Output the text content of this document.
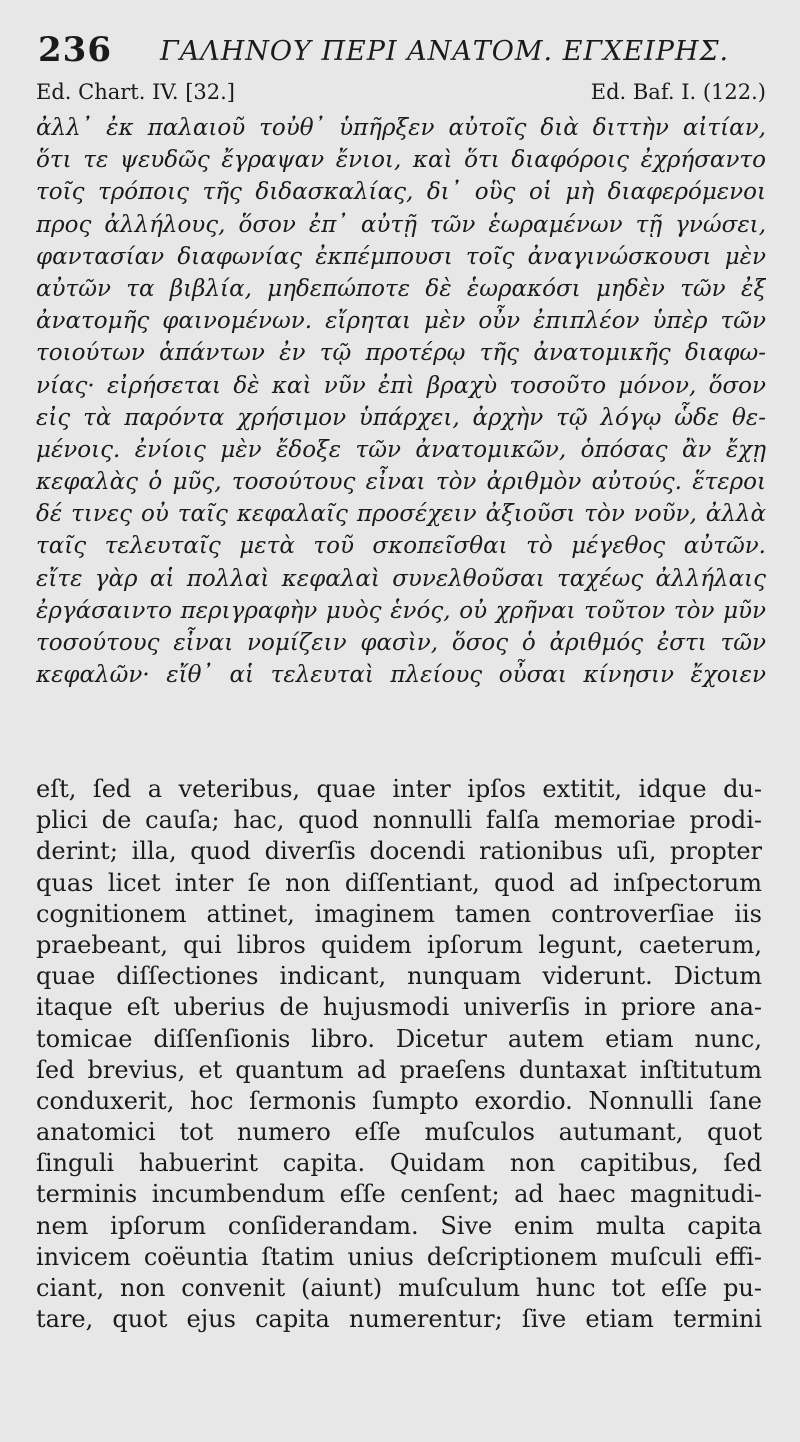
236 ΓΑΛΗΝΟΥ ΠΕΡΙ ΑΝΑΤΟΜ. ΕΓΧΕΙΡΗΣ.
Ed. Chart. IV. [32.]	Ed. Baf. I. (122.)
ἀλλ᾽ ἐκ παλαιοῦ τοὐθ᾽ ὑπῆρξεν αὐτοῖς διὰ διττὴν αἰτίαν,
ὅτι τε ψευδῶς ἔγραψαν ἔνιοι, καὶ ὅτι διαφόροις ἐχρήσαντο
τοῖς τρόποις τῆς διδασκαλίας, δι᾽ οὓς οἱ μὴ διαφερόμενοι
προς ἀλλήλους, ὅσον ἐπ᾽ αὐτῇ τῶν ἑωραμένων τῇ γνώσει,
φαντασίαν διαφωνίας ἐκπέμπουσι τοῖς ἀναγινώσκουσι μὲν
αὐτῶν τα βιβλία, μηδεπώποτε δὲ ἑωρακόσι μηδὲν τῶν ἐξ
ἀνατομῆς φαινομένων. εἴρηται μὲν οὖν ἐπιπλέον ὑπὲρ τῶν
τοιούτων ἁπάντων ἐν τῷ προτέρῳ τῆς ἀνατομικῆς διαφω-
νίας· εἰρήσεται δὲ καὶ νῦν ἐπὶ βραχὺ τοσοῦτο μόνον, ὅσον
εἰς τὰ παρόντα χρήσιμον ὑπάρχει, ἀρχὴν τῷ λόγῳ ὧδε θε-
μένοις. ἐνίοις μὲν ἔδοξε τῶν ἀνατομικῶν, ὁπόσας ἂν ἔχῃ
κεφαλὰς ὁ μῦς, τοσούτους εἶναι τὸν ἀριθμὸν αὐτούς. ἕτεροι
δέ τινες οὐ ταῖς κεφαλαῖς προσέχειν ἀξιοῦσι τὸν νοῦν, ἀλλὰ
ταῖς τελευταῖς μετὰ τοῦ σκοπεῖσθαι τὸ μέγεθος αὐτῶν.
εἴτε γὰρ αἱ πολλαὶ κεφαλαὶ συνελθοῦσαι ταχέως ἀλλήλαις
ἐργάσαιντο περιγραφὴν μυὸς ἑνός, οὐ χρῆναι τοῦτον τὸν μῦν
τοσούτους εἶναι νομίζειν φασὶν, ὅσος ὁ ἀριθμός ἐστι τῶν
κεφαλῶν· εἴθ᾽ αἱ τελευταὶ πλείους οὖσαι κίνησιν ἔχοιεν
eſt, ſed a veteribus, quae inter ipſos extitit, idque du-
plici de cauſa; hac, quod nonnulli falſa memoriae prodi-
derint; illa, quod diverſis docendi rationibus uſi, propter
quas licet inter ſe non diſſentiant, quod ad inſpectorum
cognitionem attinet, imaginem tamen controverſiae iis
praebeant, qui libros quidem ipſorum legunt, caeterum,
quae diſſectiones indicant, nunquam viderunt. Dictum
itaque eſt uberius de hujusmodi univerſis in priore ana-
tomicae diſſenſionis libro. Dicetur autem etiam nunc,
ſed brevius, et quantum ad praeſens duntaxat inſtitutum
conduxerit, hoc ſermonis ſumpto exordio. Nonnulli ſane
anatomici tot numero eſſe muſculos autumant, quot
ſinguli habuerint capita. Quidam non capitibus, ſed
terminis incumbendum eſſe cenſent; ad haec magnitudi-
nem ipſorum conſiderandam. Sive enim multa capita
invicem coëuntia ſtatim unius deſcriptionem muſculi effi-
ciant, non convenit (aiunt) muſculum hunc tot eſſe pu-
tare, quot ejus capita numerentur; ſive etiam termini
